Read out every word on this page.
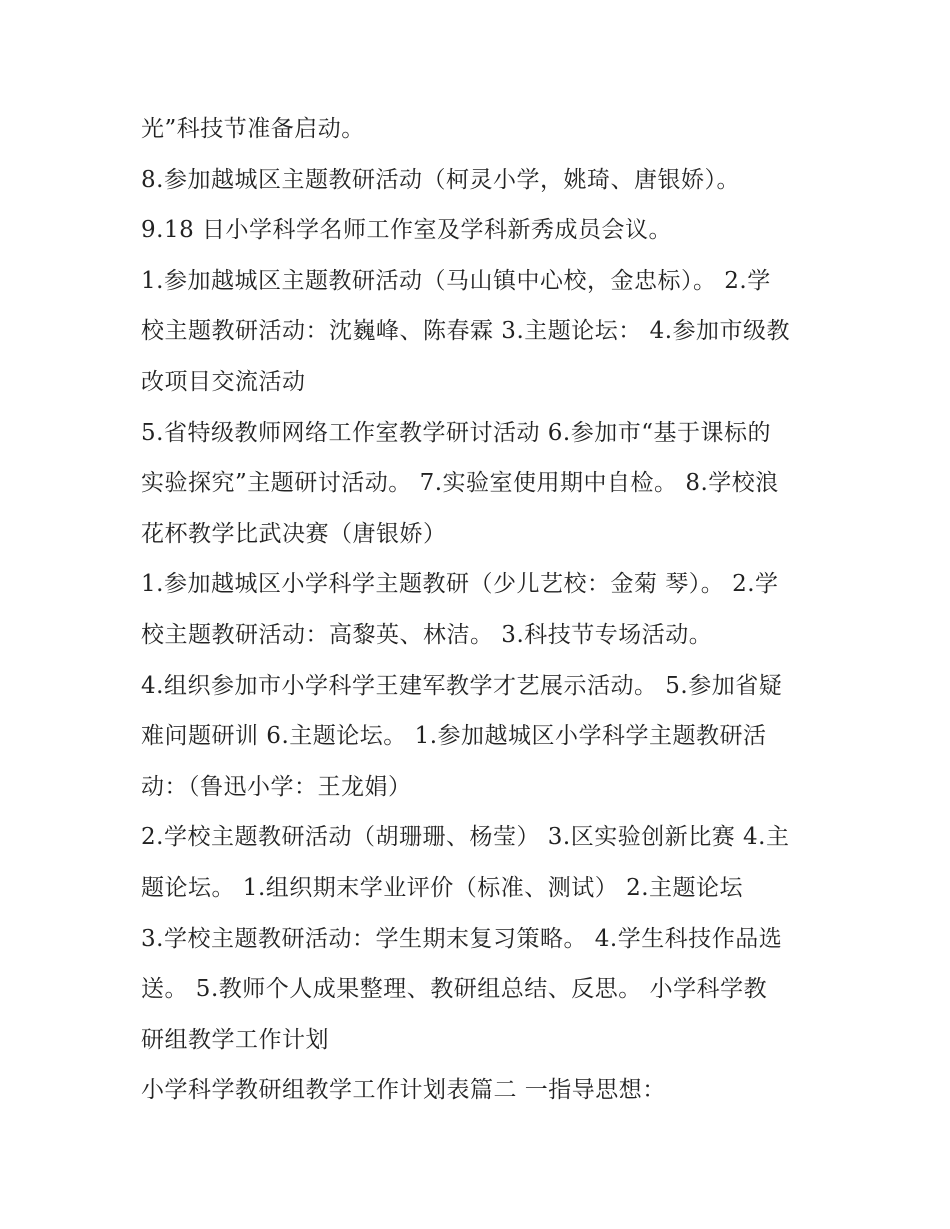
光”科技节准备启动。
8.参加越城区主题教研活动（柯灵小学，姚琦、唐银娇）。
9.18 日小学科学名师工作室及学科新秀成员会议。
1.参加越城区主题教研活动（马山镇中心校，金忠标）。 2.学
校主题教研活动：沈巍峰、陈春霖 3.主题论坛： 4.参加市级教
改项目交流活动
5.省特级教师网络工作室教学研讨活动 6.参加市“基于课标的
实验探究”主题研讨活动。 7.实验室使用期中自检。 8.学校浪
花杯教学比武决赛（唐银娇）
1.参加越城区小学科学主题教研（少儿艺校：金菊 琴）。 2.学
校主题教研活动：高黎英、林洁。 3.科技节专场活动。
4.组织参加市小学科学王建军教学才艺展示活动。 5.参加省疑
难问题研训 6.主题论坛。 1.参加越城区小学科学主题教研活
动：（鲁迅小学：王龙娟）
2.学校主题教研活动（胡珊珊、杨莹） 3.区实验创新比赛 4.主
题论坛。 1.组织期末学业评价（标准、测试） 2.主题论坛
3.学校主题教研活动：学生期末复习策略。 4.学生科技作品选
送。 5.教师个人成果整理、教研组总结、反思。 小学科学教
研组教学工作计划
小学科学教研组教学工作计划表篇二 一指导思想：
